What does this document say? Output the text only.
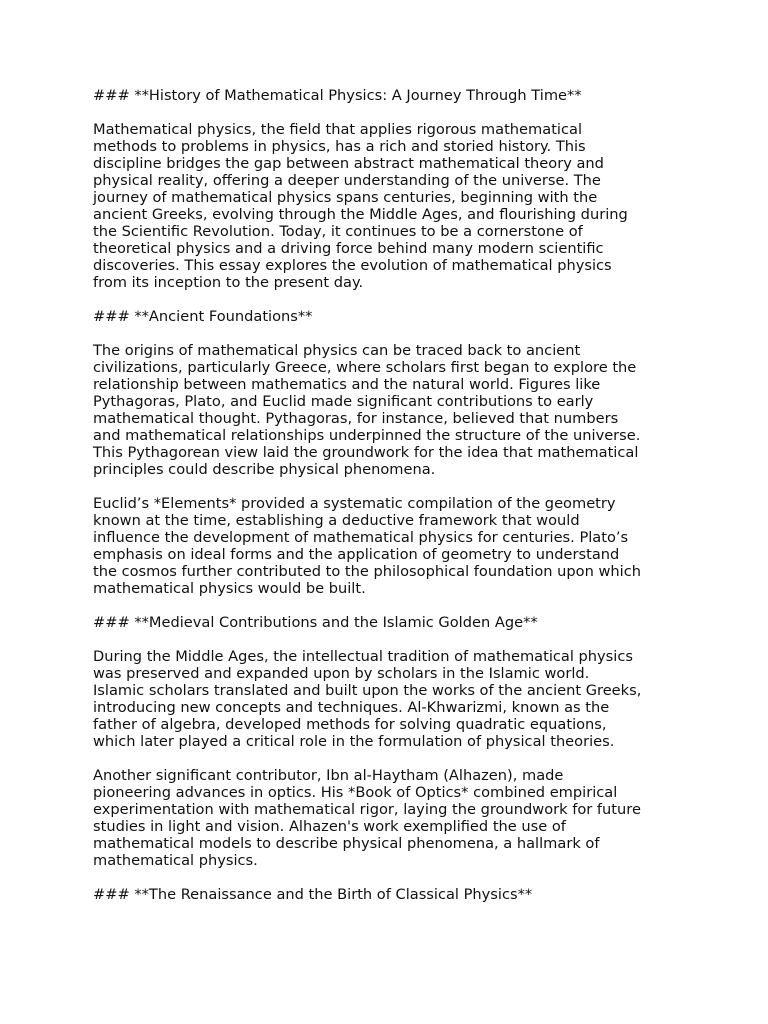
### **History of Mathematical Physics: A Journey Through Time**
Mathematical physics, the field that applies rigorous mathematical
methods to problems in physics, has a rich and storied history. This
discipline bridges the gap between abstract mathematical theory and
physical reality, offering a deeper understanding of the universe. The
journey of mathematical physics spans centuries, beginning with the
ancient Greeks, evolving through the Middle Ages, and flourishing during
the Scientific Revolution. Today, it continues to be a cornerstone of
theoretical physics and a driving force behind many modern scientific
discoveries. This essay explores the evolution of mathematical physics
from its inception to the present day.
### **Ancient Foundations**
The origins of mathematical physics can be traced back to ancient
civilizations, particularly Greece, where scholars first began to explore the
relationship between mathematics and the natural world. Figures like
Pythagoras, Plato, and Euclid made significant contributions to early
mathematical thought. Pythagoras, for instance, believed that numbers
and mathematical relationships underpinned the structure of the universe.
This Pythagorean view laid the groundwork for the idea that mathematical
principles could describe physical phenomena.
Euclid’s *Elements* provided a systematic compilation of the geometry
known at the time, establishing a deductive framework that would
influence the development of mathematical physics for centuries. Plato’s
emphasis on ideal forms and the application of geometry to understand
the cosmos further contributed to the philosophical foundation upon which
mathematical physics would be built.
### **Medieval Contributions and the Islamic Golden Age**
During the Middle Ages, the intellectual tradition of mathematical physics
was preserved and expanded upon by scholars in the Islamic world.
Islamic scholars translated and built upon the works of the ancient Greeks,
introducing new concepts and techniques. Al-Khwarizmi, known as the
father of algebra, developed methods for solving quadratic equations,
which later played a critical role in the formulation of physical theories.
Another significant contributor, Ibn al-Haytham (Alhazen), made
pioneering advances in optics. His *Book of Optics* combined empirical
experimentation with mathematical rigor, laying the groundwork for future
studies in light and vision. Alhazen's work exemplified the use of
mathematical models to describe physical phenomena, a hallmark of
mathematical physics.
### **The Renaissance and the Birth of Classical Physics**
